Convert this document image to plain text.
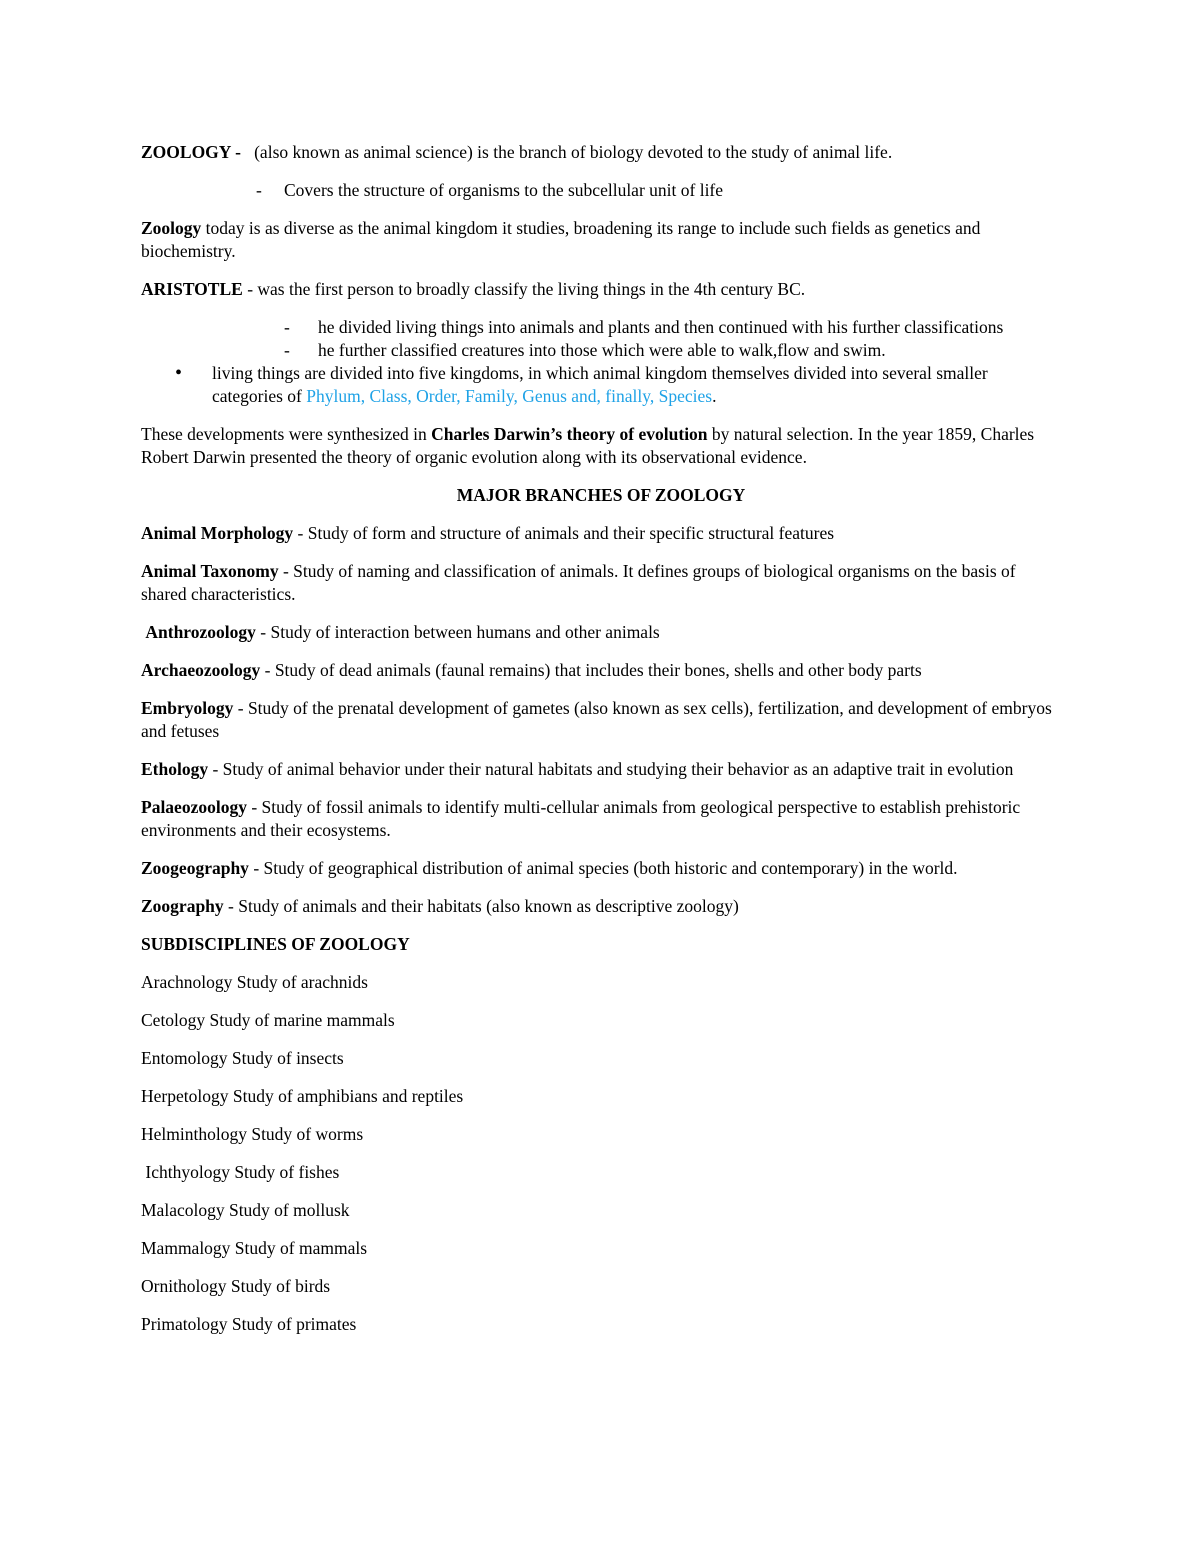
ZOOLOGY - (also known as animal science) is the branch of biology devoted to the study of animal life.

- Covers the structure of organisms to the subcellular unit of life

Zoology today is as diverse as the animal kingdom it studies, broadening its range to include such fields as genetics and biochemistry.

ARISTOTLE - was the first person to broadly classify the living things in the 4th century BC.

- he divided living things into animals and plants and then continued with his further classifications
- he further classified creatures into those which were able to walk,flow and swim.
• living things are divided into five kingdoms, in which animal kingdom themselves divided into several smaller categories of Phylum, Class, Order, Family, Genus and, finally, Species.

These developments were synthesized in Charles Darwin’s theory of evolution by natural selection. In the year 1859, Charles Robert Darwin presented the theory of organic evolution along with its observational evidence.

MAJOR BRANCHES OF ZOOLOGY

Animal Morphology - Study of form and structure of animals and their specific structural features

Animal Taxonomy - Study of naming and classification of animals. It defines groups of biological organisms on the basis of shared characteristics.

Anthrozoology - Study of interaction between humans and other animals

Archaeozoology - Study of dead animals (faunal remains) that includes their bones, shells and other body parts

Embryology - Study of the prenatal development of gametes (also known as sex cells), fertilization, and development of embryos and fetuses

Ethology - Study of animal behavior under their natural habitats and studying their behavior as an adaptive trait in evolution

Palaeozoology - Study of fossil animals to identify multi-cellular animals from geological perspective to establish prehistoric environments and their ecosystems.

Zoogeography - Study of geographical distribution of animal species (both historic and contemporary) in the world.

Zoography - Study of animals and their habitats (also known as descriptive zoology)

SUBDISCIPLINES OF ZOOLOGY

Arachnology Study of arachnids

Cetology Study of marine mammals

Entomology Study of insects

Herpetology Study of amphibians and reptiles

Helminthology Study of worms

Ichthyology Study of fishes

Malacology Study of mollusk

Mammalogy Study of mammals

Ornithology Study of birds

Primatology Study of primates
